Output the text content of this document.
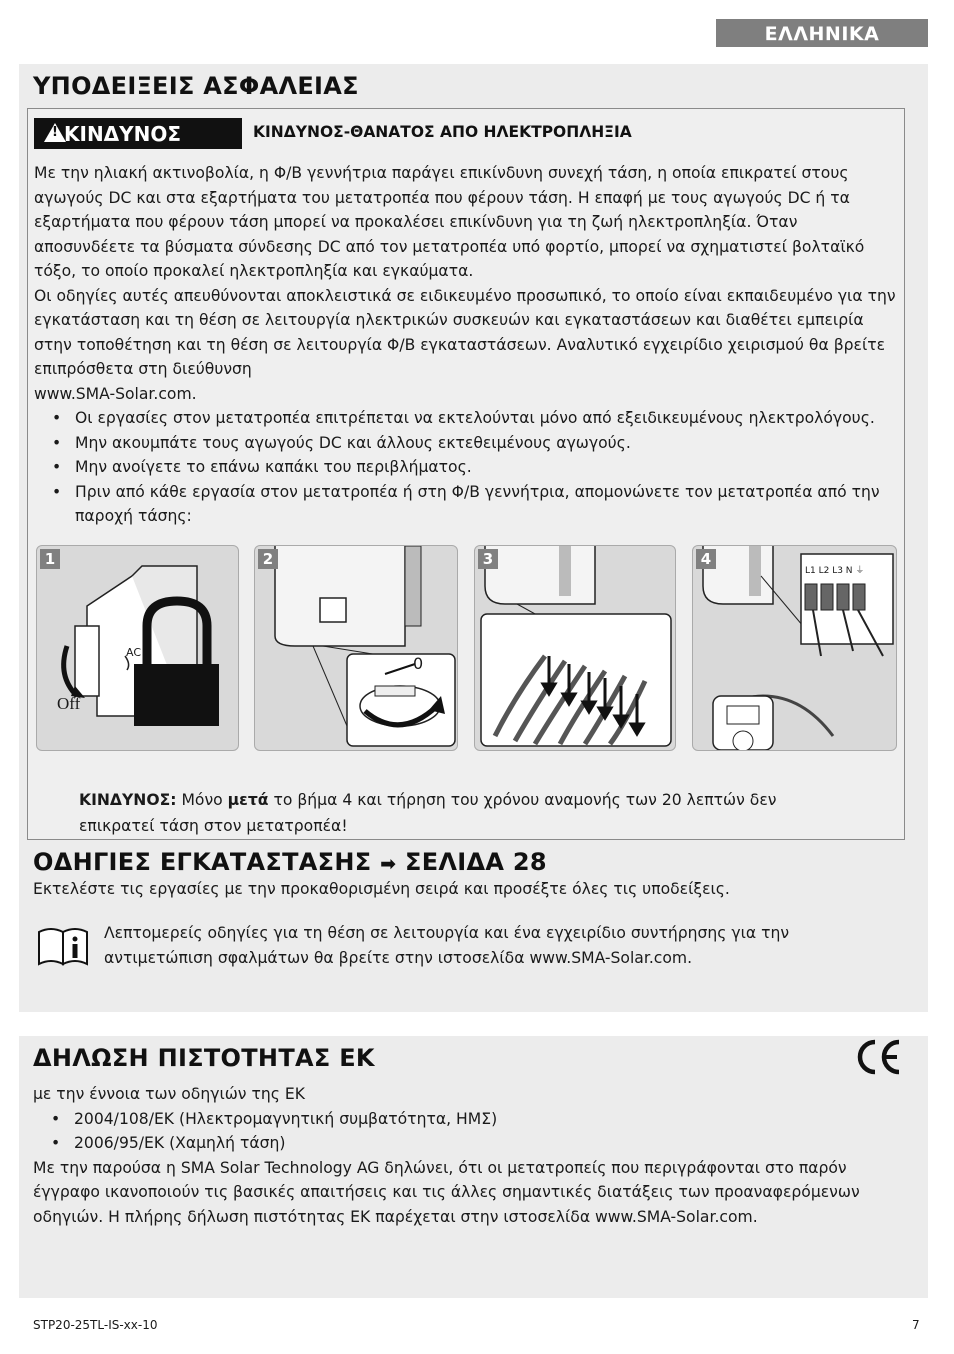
ΕΛΛΗΝΙΚΑ
ΥΠΟΔΕΙΞΕΙΣ ΑΣΦΑΛΕΙΑΣ
!
ΚΙΝΔΥΝΟΣ	ΚΙΝΔΥΝΟΣ-ΘΑΝΑΤΟΣ ΑΠΟ ΗΛΕΚΤΡΟΠΛΗΞΙΑ
Με την ηλιακή ακτινοβολία, η Φ/Β γεννήτρια παράγει επικίνδυνη συνεχή τάση, η οποία επικρατεί στους αγωγούς DC και στα εξαρτήματα του μετατροπέα που φέρουν τάση. Η επαφή με τους αγωγούς DC ή τα εξαρτήματα που φέρουν τάση μπορεί να προκαλέσει επικίνδυνη για τη ζωή ηλεκτροπληξία. Όταν αποσυνδέετε τα βύσματα σύνδεσης DC από τον μετατροπέα υπό φορτίο, μπορεί να σχηματιστεί βολταϊκό τόξο, το οποίο προκαλεί ηλεκτροπληξία και εγκαύματα.
Οι οδηγίες αυτές απευθύνονται αποκλειστικά σε ειδικευμένο προσωπικό, το οποίο είναι εκπαιδευμένο για την εγκατάσταση και τη θέση σε λειτουργία ηλεκτρικών συσκευών και εγκαταστάσεων και διαθέτει εμπειρία στην τοποθέτηση και τη θέση σε λειτουργία Φ/Β εγκαταστάσεων. Αναλυτικό εγχειρίδιο χειρισμού θα βρείτε επιπρόσθετα στη διεύθυνση
www.SMA-Solar.com.
• Οι εργασίες στον μετατροπέα επιτρέπεται να εκτελούνται μόνο από εξειδικευμένους ηλεκτρολόγους.
• Μην ακουμπάτε τους αγωγούς DC και άλλους εκτεθειμένους αγωγούς.
• Μην ανοίγετε το επάνω καπάκι του περιβλήματος.
• Πριν από κάθε εργασία στον μετατροπέα ή στη Φ/Β γεννήτρια, απομονώνετε τον μετατροπέα από την παροχή τάσης:
1
AC
Off
2
0
3	4
L1 L2 L3 N ⏚
ΚΙΝΔΥΝΟΣ: Μόνο μετά το βήμα 4 και τήρηση του χρόνου αναμονής των 20 λεπτών δεν επικρατεί τάση στον μετατροπέα!
ΟΔΗΓΙΕΣ ΕΓΚΑΤΑΣΤΑΣΗΣ ➡ ΣΕΛΙΔΑ 28
Εκτελέστε τις εργασίες με την προκαθορισμένη σειρά και προσέξτε όλες τις υποδείξεις.
Λεπτομερείς οδηγίες για τη θέση σε λειτουργία και ένα εγχειρίδιο συντήρησης για την αντιμετώπιση σφαλμάτων θα βρείτε στην ιστοσελίδα www.SMA-Solar.com.
ΔΗΛΩΣΗ ΠΙΣΤΟΤΗΤΑΣ ΕΚ
με την έννοια των οδηγιών της ΕΚ
• 2004/108/ΕΚ (Ηλεκτρομαγνητική συμβατότητα, ΗΜΣ)
• 2006/95/ΕΚ (Χαμηλή τάση)
Με την παρούσα η SMA Solar Technology AG δηλώνει, ότι οι μετατροπείς που περιγράφονται στο παρόν έγγραφο ικανοποιούν τις βασικές απαιτήσεις και τις άλλες σημαντικές διατάξεις των προαναφερόμενων οδηγιών. Η πλήρης δήλωση πιστότητας ΕΚ παρέχεται στην ιστοσελίδα www.SMA-Solar.com.
STP20-25TL-IS-xx-10	7
